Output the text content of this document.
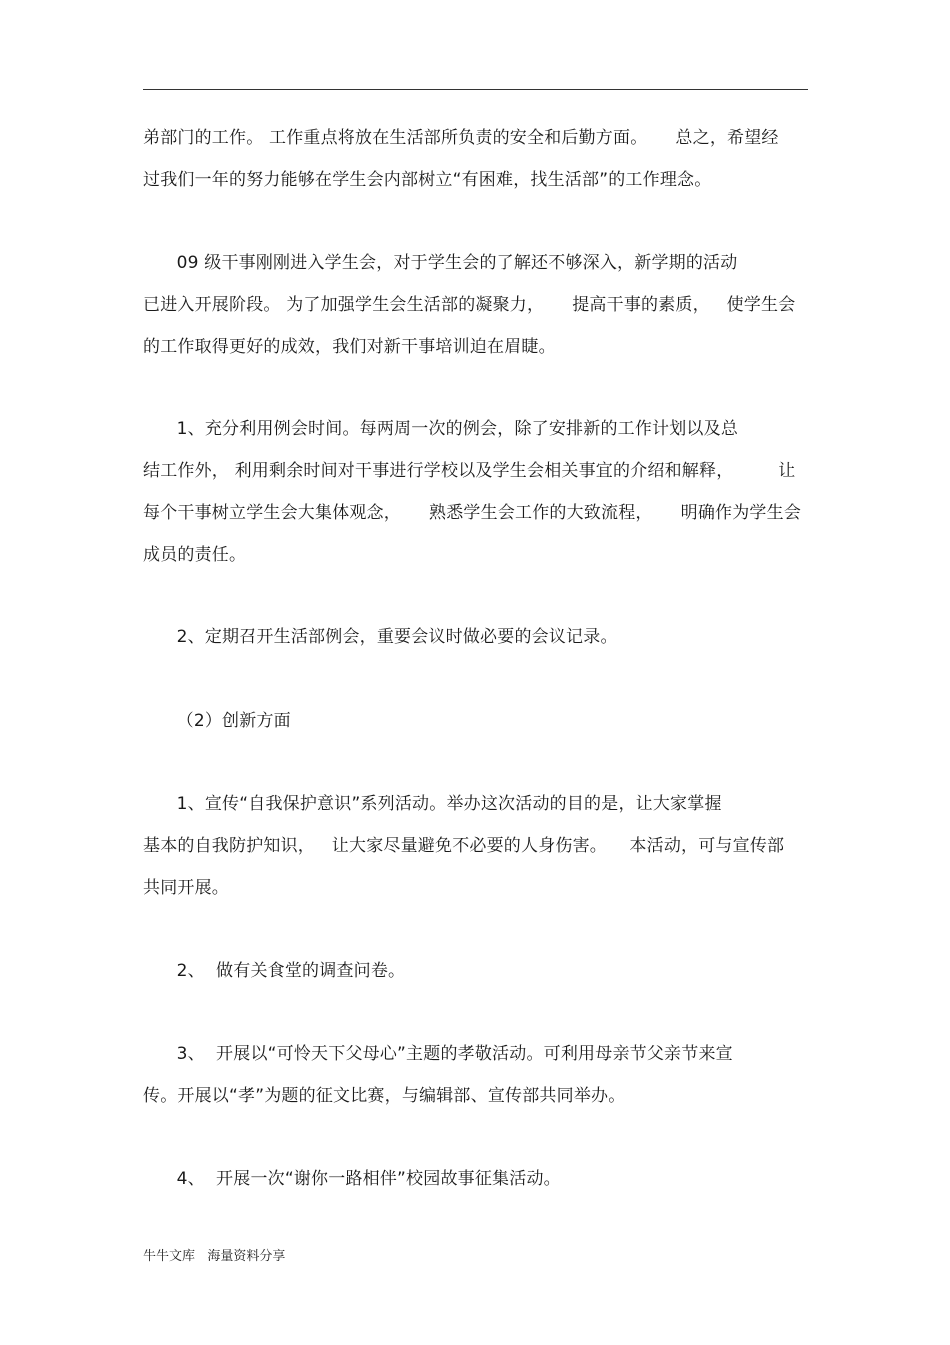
弟部门的工作。 工作重点将放在生活部所负责的安全和后勤方面。     总之，希望经
过我们一年的努力能够在学生会内部树立“有困难，找生活部”的工作理念。
09 级干事刚刚进入学生会，对于学生会的了解还不够深入，新学期的活动
已进入开展阶段。 为了加强学生会生活部的凝聚力，     提高干事的素质，   使学生会
的工作取得更好的成效，我们对新干事培训迫在眉睫。
1、充分利用例会时间。每两周一次的例会，除了安排新的工作计划以及总
结工作外， 利用剩余时间对干事进行学校以及学生会相关事宜的介绍和解释，        让
每个干事树立学生会大集体观念，     熟悉学生会工作的大致流程，     明确作为学生会
成员的责任。
2、定期召开生活部例会，重要会议时做必要的会议记录。
（2）创新方面
1、宣传“自我保护意识”系列活动。举办这次活动的目的是，让大家掌握
基本的自我防护知识，   让大家尽量避免不必要的人身伤害。    本活动，可与宣传部
共同开展。
2、  做有关食堂的调查问卷。
3、  开展以“可怜天下父母心”主题的孝敬活动。可利用母亲节父亲节来宣
传。开展以“孝”为题的征文比赛，与编辑部、宣传部共同举办。
4、  开展一次“谢你一路相伴”校园故事征集活动。
牛牛文库   海量资料分享
